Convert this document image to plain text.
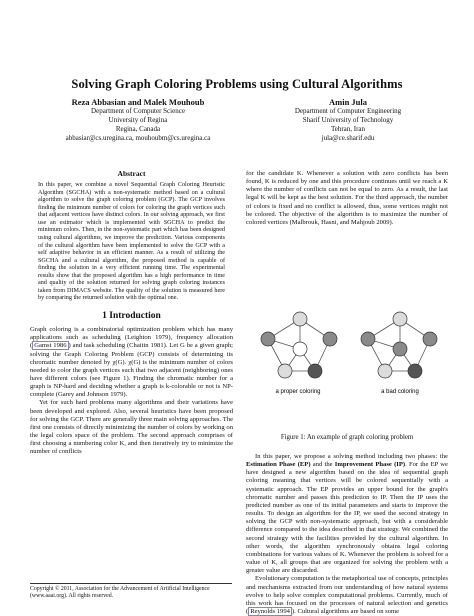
Solving Graph Coloring Problems using Cultural Algorithms
Reza Abbasian and Malek Mouhoub
Department of Computer Science
University of Regina
Regina, Canada
abbasiar@cs.uregina.ca, mouhoubm@cs.uregina.ca
Amin Jula
Department of Computer Engineering
Sharif University of Technology
Tehran, Iran
jula@ce.sharif.edu
Abstract

In this paper, we combine a novel Sequential Graph Coloring Heuristic Algorithm (SGCHA) with a non-systematic method based on a cultural algorithm to solve the graph coloring problem (GCP). The GCP involves finding the minimum number of colors for coloring the graph vertices such that adjacent vertices have distinct colors. In our solving approach, we first use an estimator which is implemented with SGCHA to predict the minimum colors. Then, in the non-systematic part which has been designed using cultural algorithms, we improve the prediction. Various components of the cultural algorithm have been implemented to solve the GCP with a self adaptive behavior in an efficient manner. As a result of utilizing the SGCHA and a cultural algorithm, the proposed method is capable of finding the solution in a very efficient running time. The experimental results show that the proposed algorithm has a high performance in time and quality of the solution returned for solving graph coloring instances taken from DIMACS website. The quality of the solution is measured here by comparing the returned solution with the optimal one.

1 Introduction

Graph coloring is a combinatorial optimization problem which has many applications such as scheduling (Leighton 1979), frequency allocation ( Gamst 1986 ) and task scheduling (Chaitin 1981). Let G be a given graph; solving the Graph Coloring Problem (GCP) consists of determining its chromatic number denoted by χ(G). χ(G) is the minimum number of colors needed to color the graph vertices such that two adjacent (neighboring) ones have different colors (see Figure 1). Finding the chromatic number for a graph is NP-hard and deciding whether a graph is k-colorable or not is NP-complete (Garey and Johnson 1979).

Yet for such hard problems many algorithms and their variations have been developed and explored. Also, several heuristics have been proposed for solving the GCP. There are generally three main solving approaches. The first one consists of directly minimizing the number of colors by working on the legal colors space of the problem. The second approach comprises of first choosing a numbering color K, and then iteratively try to minimize the number of conflicts

Copyright © 2011, Association for the Advancement of Artificial Intelligence (www.aaai.org). All rights reserved.

for the candidate K. Whenever a solution with zero conflicts has been found, K is reduced by one and this procedure continues until we reach a K where the number of conflicts can not be equal to zero. As a result, the last legal K will be kept as the best solution. For the third approach, the number of colors is fixed and no conflict is allowed, thus, some vertices might not be colored. The objective of the algorithm is to maximize the number of colored vertices (Malbrouk, Hasni, and Mahjoub 2009).

a proper coloring	a bad coloring
Figure 1: An example of graph coloring problem

In this paper, we propose a solving method including two phases: the Estimation Phase (EP) and the Improvement Phase (IP). For the EP we have designed a new algorithm based on the idea of sequential graph coloring meaning that vertices will be colored sequentially with a systematic approach. The EP provides an upper bound for the graph's chromatic number and passes this prediction to IP. Then the IP uses the predicted number as one of its initial parameters and starts to improve the results. To design an algorithm for the IP, we used the second strategy in solving the GCP with non-systematic approach, but with a considerable difference compared to the idea described in that strategy. We combined the second strategy with the facilities provided by the cultural algorithm. In other words, the algorithm synchronously obtains legal coloring combinations for various values of K. Whenever the problem is solved for a value of K, all groups that are organized for solving the problem with a greater value are discarded.

Evolutionary computation is the metaphorical use of concepts, principles and mechanisms extracted from our understanding of how natural systems evolve to help solve complex computational problems. Currently, much of this work has focused on the processes of natural selection and genetics ( Reynolds 1994 ). Cultural algorithms are based on some
